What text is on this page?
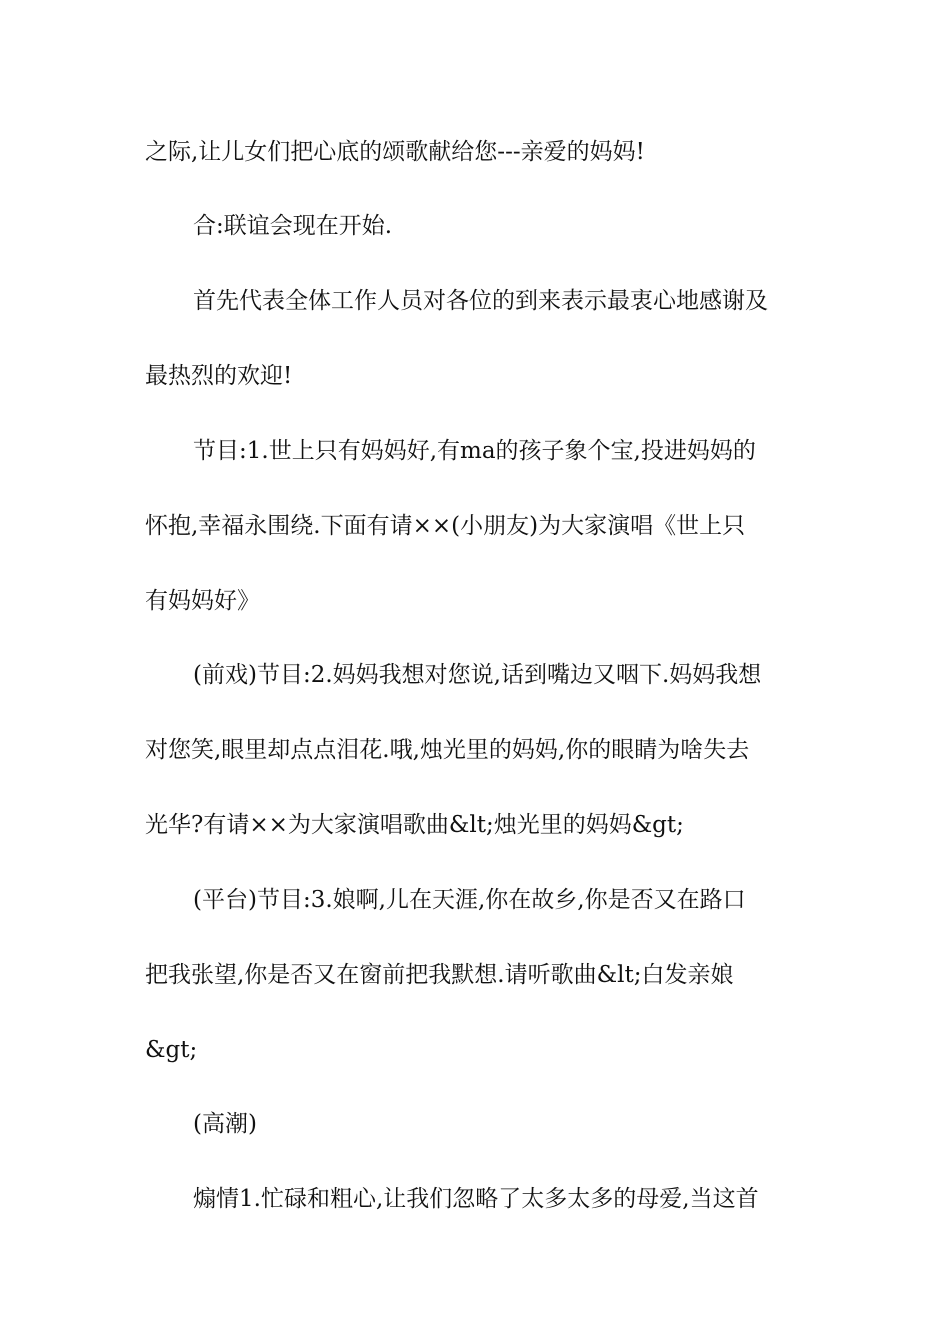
之际,让儿女们把心底的颂歌献给您---亲爱的妈妈!
合:联谊会现在开始.
首先代表全体工作人员对各位的到来表示最衷心地感谢及
最热烈的欢迎!
节目:1.世上只有妈妈好,有ma的孩子象个宝,投进妈妈的
怀抱,幸福永围绕.下面有请××(小朋友)为大家演唱《世上只
有妈妈好》
(前戏)节目:2.妈妈我想对您说,话到嘴边又咽下.妈妈我想
对您笑,眼里却点点泪花.哦,烛光里的妈妈,你的眼睛为啥失去
光华?有请××为大家演唱歌曲&lt;烛光里的妈妈&gt;
(平台)节目:3.娘啊,儿在天涯,你在故乡,你是否又在路口
把我张望,你是否又在窗前把我默想.请听歌曲&lt;白发亲娘
&gt;
(高潮)
煽情1.忙碌和粗心,让我们忽略了太多太多的母爱,当这首
